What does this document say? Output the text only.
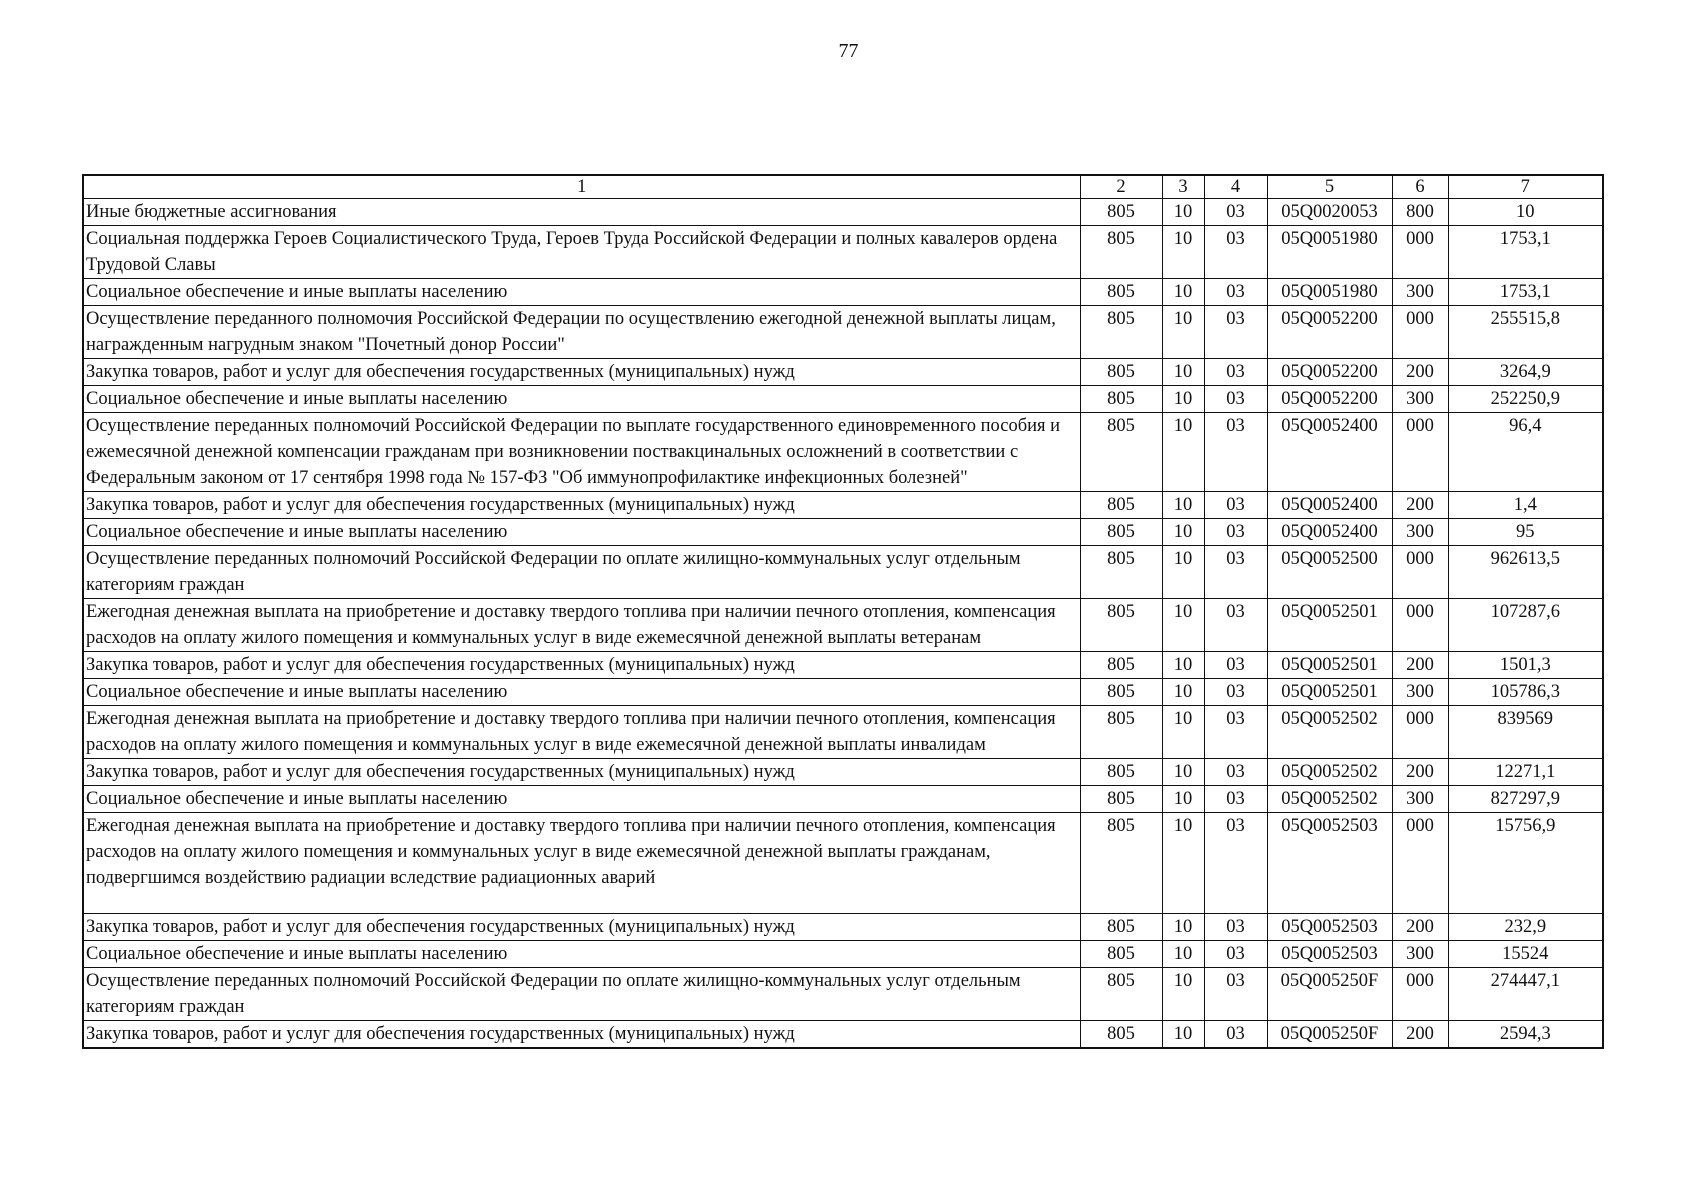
77
1	2	3	4	5	6	7
Иные бюджетные ассигнования	805	10	03	05Q0020053	800	10
Социальная поддержка Героев Социалистического Труда, Героев Труда Российской Федерации и полных кавалеров ордена Трудовой Славы	805	10	03	05Q0051980	000	1753,1
Социальное обеспечение и иные выплаты населению	805	10	03	05Q0051980	300	1753,1
Осуществление переданного полномочия Российской Федерации по осуществлению ежегодной денежной выплаты лицам, награжденным нагрудным знаком "Почетный донор России"	805	10	03	05Q0052200	000	255515,8
Закупка товаров, работ и услуг для обеспечения государственных (муниципальных) нужд	805	10	03	05Q0052200	200	3264,9
Социальное обеспечение и иные выплаты населению	805	10	03	05Q0052200	300	252250,9
Осуществление переданных полномочий Российской Федерации по выплате государственного единовременного пособия и ежемесячной денежной компенсации гражданам при возникновении поствакцинальных осложнений в соответствии с Федеральным законом от 17 сентября 1998 года № 157-ФЗ "Об иммунопрофилактике инфекционных болезней"	805	10	03	05Q0052400	000	96,4
Закупка товаров, работ и услуг для обеспечения государственных (муниципальных) нужд	805	10	03	05Q0052400	200	1,4
Социальное обеспечение и иные выплаты населению	805	10	03	05Q0052400	300	95
Осуществление переданных полномочий Российской Федерации по оплате жилищно-коммунальных услуг отдельным категориям граждан	805	10	03	05Q0052500	000	962613,5
Ежегодная денежная выплата на приобретение и доставку твердого топлива при наличии печного отопления, компенсация расходов на оплату жилого помещения и коммунальных услуг в виде ежемесячной денежной выплаты ветеранам	805	10	03	05Q0052501	000	107287,6
Закупка товаров, работ и услуг для обеспечения государственных (муниципальных) нужд	805	10	03	05Q0052501	200	1501,3
Социальное обеспечение и иные выплаты населению	805	10	03	05Q0052501	300	105786,3
Ежегодная денежная выплата на приобретение и доставку твердого топлива при наличии печного отопления, компенсация расходов на оплату жилого помещения и коммунальных услуг в виде ежемесячной денежной выплаты инвалидам	805	10	03	05Q0052502	000	839569
Закупка товаров, работ и услуг для обеспечения государственных (муниципальных) нужд	805	10	03	05Q0052502	200	12271,1
Социальное обеспечение и иные выплаты населению	805	10	03	05Q0052502	300	827297,9
Ежегодная денежная выплата на приобретение и доставку твердого топлива при наличии печного отопления, компенсация расходов на оплату жилого помещения и коммунальных услуг в виде ежемесячной денежной выплаты гражданам, подвергшимся воздействию радиации вследствие радиационных аварий	805	10	03	05Q0052503	000	15756,9
Закупка товаров, работ и услуг для обеспечения государственных (муниципальных) нужд	805	10	03	05Q0052503	200	232,9
Социальное обеспечение и иные выплаты населению	805	10	03	05Q0052503	300	15524
Осуществление переданных полномочий Российской Федерации по оплате жилищно-коммунальных услуг отдельным категориям граждан	805	10	03	05Q005250F	000	274447,1
Закупка товаров, работ и услуг для обеспечения государственных (муниципальных) нужд	805	10	03	05Q005250F	200	2594,3
